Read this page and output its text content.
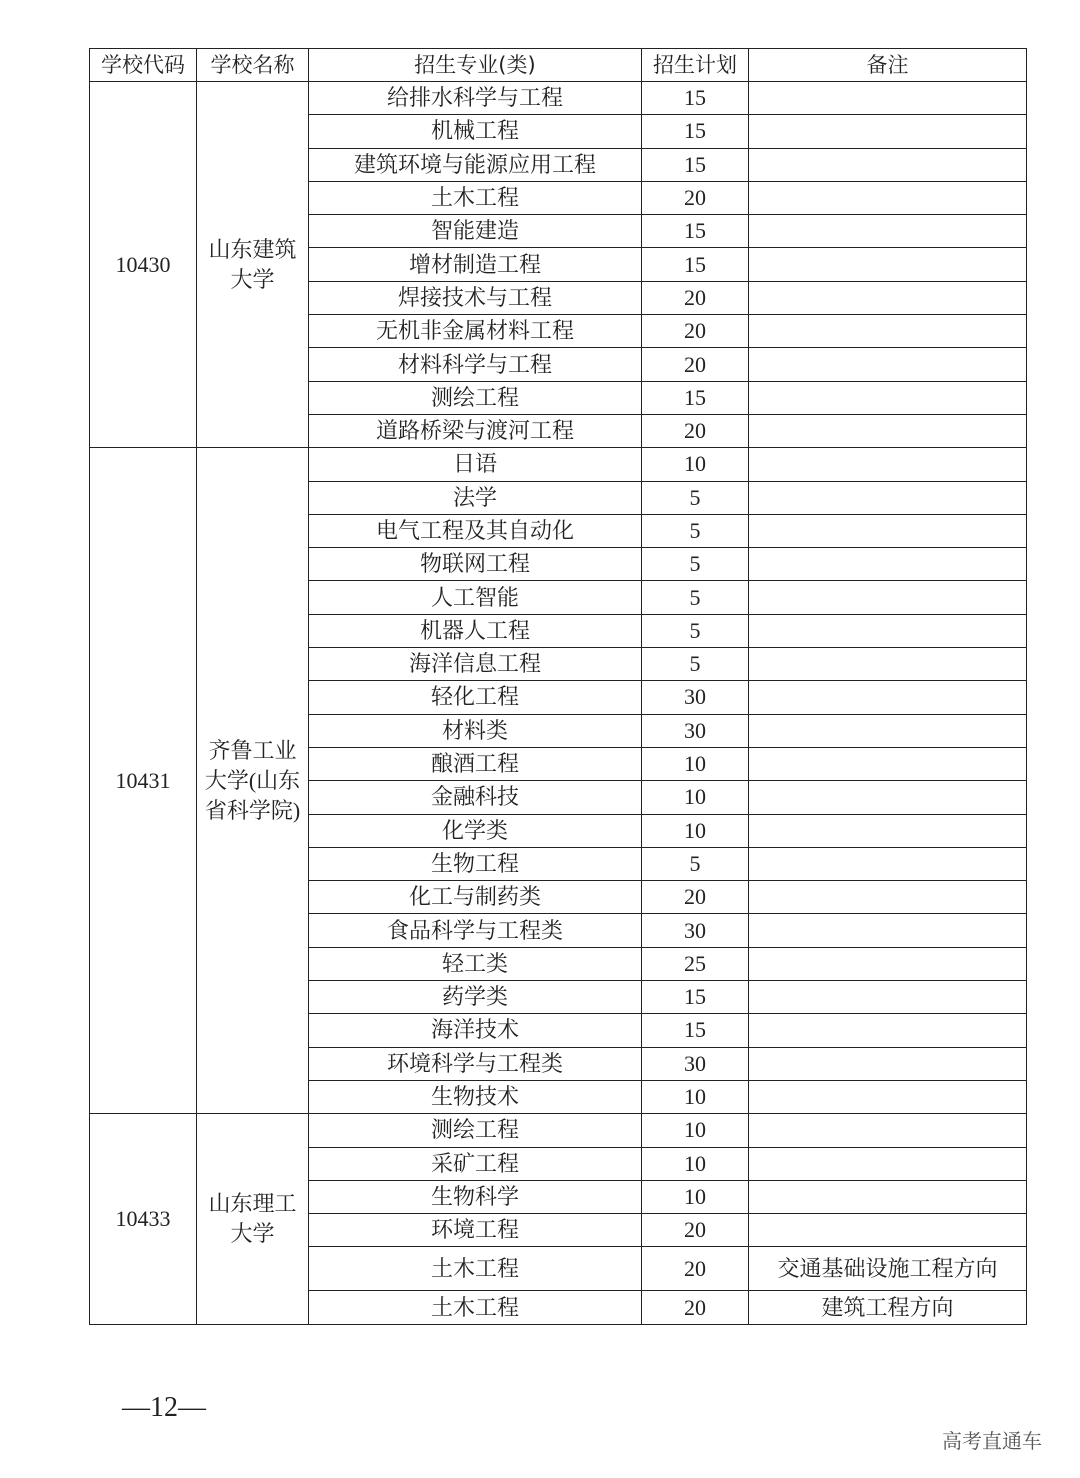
学校代码	学校名称	招生专业(类)	招生计划	备注
10430	山东建筑大学	给排水科学与工程	15	
		机械工程	15	
		建筑环境与能源应用工程	15	
		土木工程	20	
		智能建造	15	
		增材制造工程	15	
		焊接技术与工程	20	
		无机非金属材料工程	20	
		材料科学与工程	20	
		测绘工程	15	
		道路桥梁与渡河工程	20	
10431	齐鲁工业大学(山东省科学院)	日语	10	
		法学	5	
		电气工程及其自动化	5	
		物联网工程	5	
		人工智能	5	
		机器人工程	5	
		海洋信息工程	5	
		轻化工程	30	
		材料类	30	
		酿酒工程	10	
		金融科技	10	
		化学类	10	
		生物工程	5	
		化工与制药类	20	
		食品科学与工程类	30	
		轻工类	25	
		药学类	15	
		海洋技术	15	
		环境科学与工程类	30	
		生物技术	10	
10433	山东理工大学	测绘工程	10	
		采矿工程	10	
		生物科学	10	
		环境工程	20	
		土木工程	20	交通基础设施工程方向
		土木工程	20	建筑工程方向
—12—
高考直通车
